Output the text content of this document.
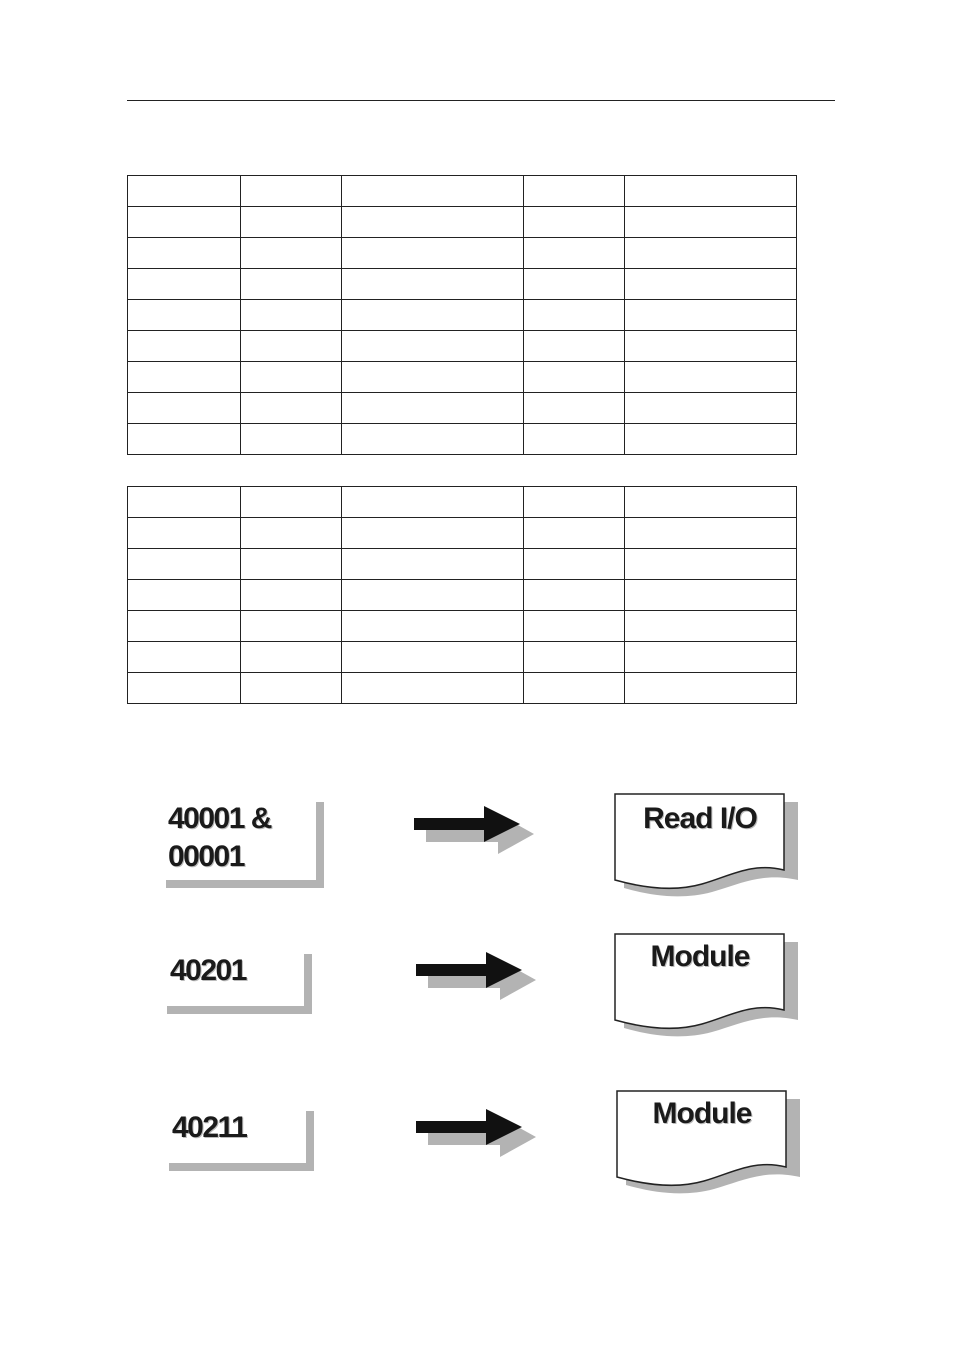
40001 &
00001
Read I/O
40201	Module
40211	Module
